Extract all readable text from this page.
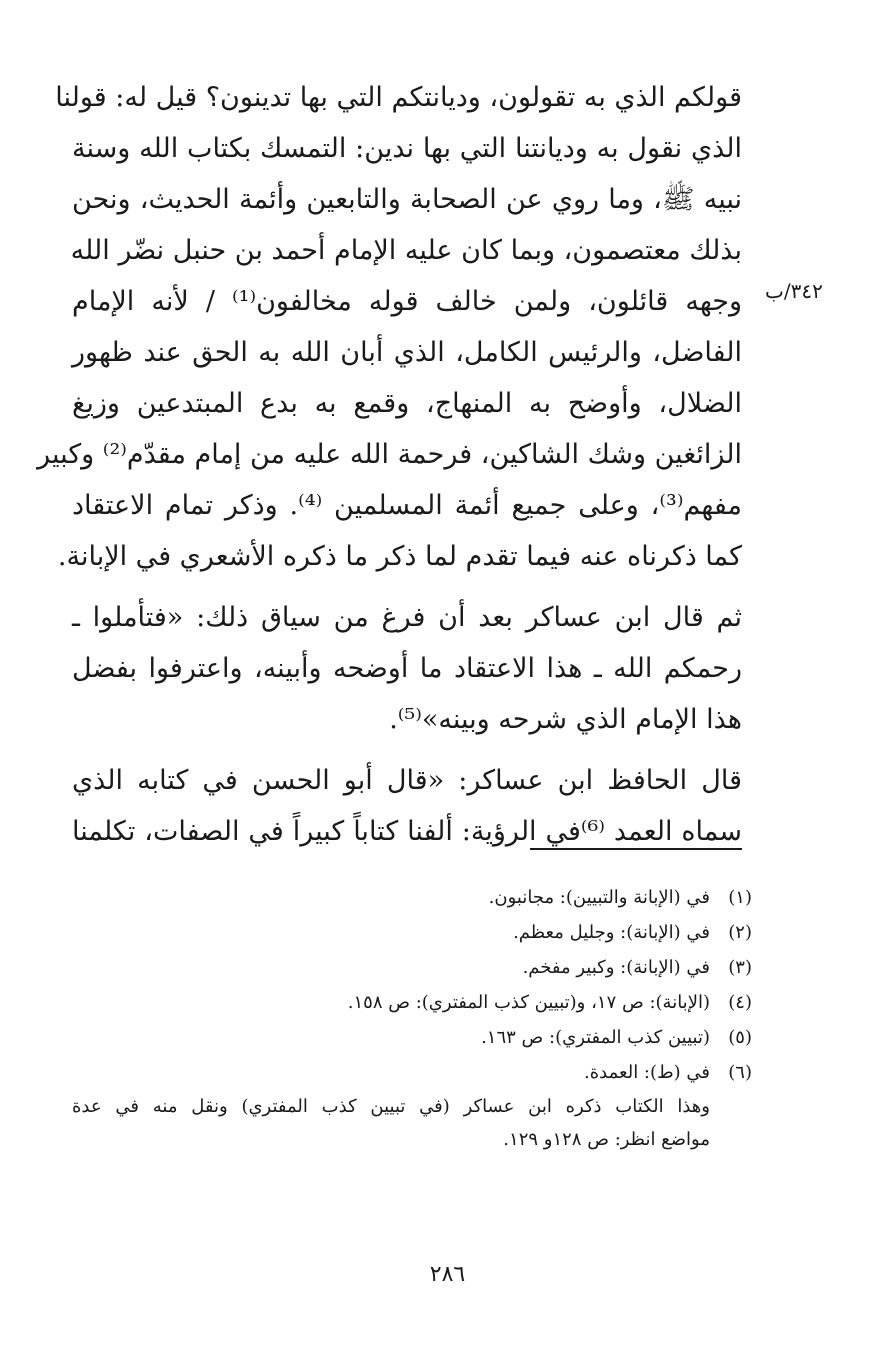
قولكم الذي به تقولون، وديانتكم التي بها تدينون؟ قيل له: قولنا
الذي نقول به وديانتنا التي بها ندين: التمسك بكتاب الله وسنة
نبيه ﷺ، وما روي عن الصحابة والتابعين وأئمة الحديث، ونحن
بذلك معتصمون، وبما كان عليه الإمام أحمد بن حنبل نضّر الله
وجهه قائلون، ولمن خالف قوله مخالفون⁽¹⁾ / لأنه الإمام
الفاضل، والرئيس الكامل، الذي أبان الله به الحق عند ظهور
الضلال، وأوضح به المنهاج، وقمع به بدع المبتدعين وزيغ
الزائغين وشك الشاكين، فرحمة الله عليه من إمام مقدّم⁽²⁾ وكبير
مفهم⁽³⁾، وعلى جميع أئمة المسلمين ⁽⁴⁾. وذكر تمام الاعتقاد
كما ذكرناه عنه فيما تقدم لما ذكر ما ذكره الأشعري في الإبانة.
ثم قال ابن عساكر بعد أن فرغ من سياق ذلك: «فتأملوا ـ
رحمكم الله ـ هذا الاعتقاد ما أوضحه وأبينه، واعترفوا بفضل
هذا الإمام الذي شرحه وبينه»⁽⁵⁾.
قال الحافظ ابن عساكر: «قال أبو الحسن في كتابه الذي
سماه العمد ⁽⁶⁾في الرؤية: ألفنا كتاباً كبيراً في الصفات، تكلمنا
٣٤٢/ب
(١)
في (الإبانة والتبيين): مجانبون.
(٢)
في (الإبانة): وجليل معظم.
(٣)
في (الإبانة): وكبير مفخم.
(٤)
(الإبانة): ص ١٧، و(تبيين كذب المفتري): ص ١٥٨.
(٥)
(تبيين كذب المفتري): ص ١٦٣.
(٦)
في (ط): العمدة.
وهذا الكتاب ذكره ابن عساكر (في تبيين كذب المفتري) ونقل منه في عدة
مواضع انظر: ص ١٢٨و ١٢٩.
٢٨٦
